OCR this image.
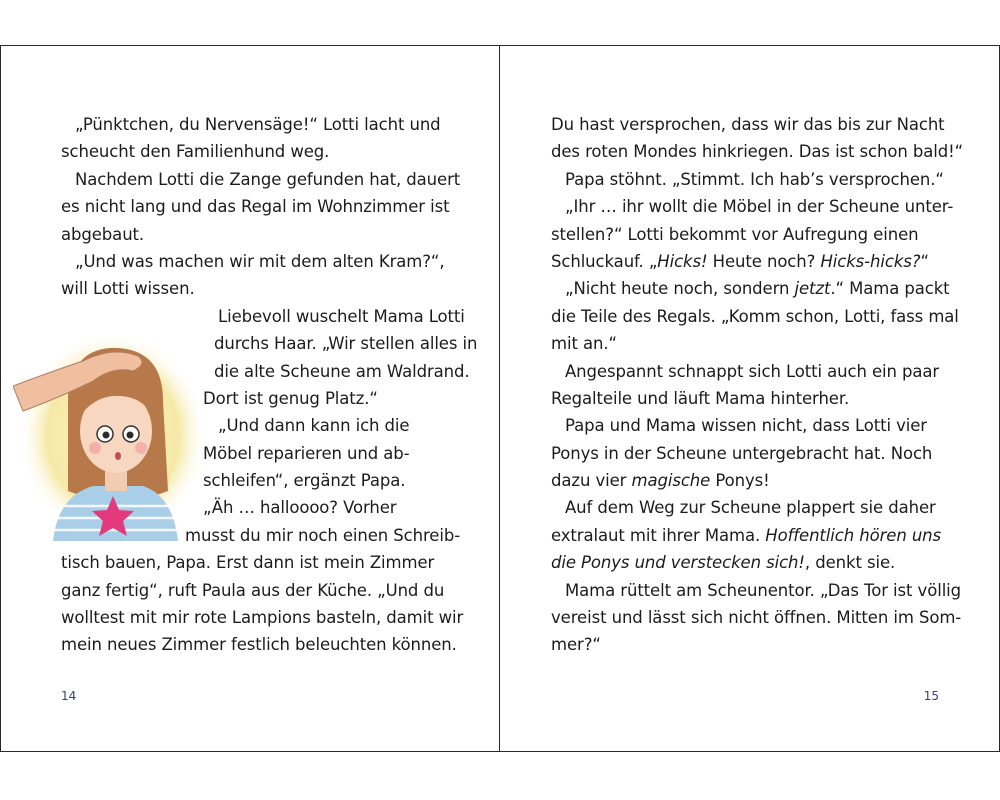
„Pünktchen, du Nervensäge!“ Lotti lacht und
scheucht den Familienhund weg.
Nachdem Lotti die Zange gefunden hat, dauert
es nicht lang und das Regal im Wohnzimmer ist
abgebaut.
„Und was machen wir mit dem alten Kram?“,
will Lotti wissen.
Liebevoll wuschelt Mama Lotti
durchs Haar. „Wir stellen alles in
die alte Scheune am Waldrand.
Dort ist genug Platz.“
„Und dann kann ich die
Möbel reparieren und ab-
schleifen“, ergänzt Papa.
„Äh … halloooo? Vorher
musst du mir noch einen Schreib-
tisch bauen, Papa. Erst dann ist mein Zimmer
ganz fertig“, ruft Paula aus der Küche. „Und du
wolltest mit mir rote Lampions basteln, damit wir
mein neues Zimmer festlich beleuchten können.
14
Du hast versprochen, dass wir das bis zur Nacht
des roten Mondes hinkriegen. Das ist schon bald!“
Papa stöhnt. „Stimmt. Ich hab’s versprochen.“
„Ihr … ihr wollt die Möbel in der Scheune unter-
stellen?“ Lotti bekommt vor Aufregung einen
Schluckauf. „Hicks! Heute noch? Hicks-hicks?“
„Nicht heute noch, sondern jetzt.“ Mama packt
die Teile des Regals. „Komm schon, Lotti, fass mal
mit an.“
Angespannt schnappt sich Lotti auch ein paar
Regalteile und läuft Mama hinterher.
Papa und Mama wissen nicht, dass Lotti vier
Ponys in der Scheune untergebracht hat. Noch
dazu vier magische Ponys!
Auf dem Weg zur Scheune plappert sie daher
extralaut mit ihrer Mama. Hoffentlich hören uns
die Ponys und verstecken sich!, denkt sie.
Mama rüttelt am Scheunentor. „Das Tor ist völlig
vereist und lässt sich nicht öffnen. Mitten im Som-
mer?“
15
